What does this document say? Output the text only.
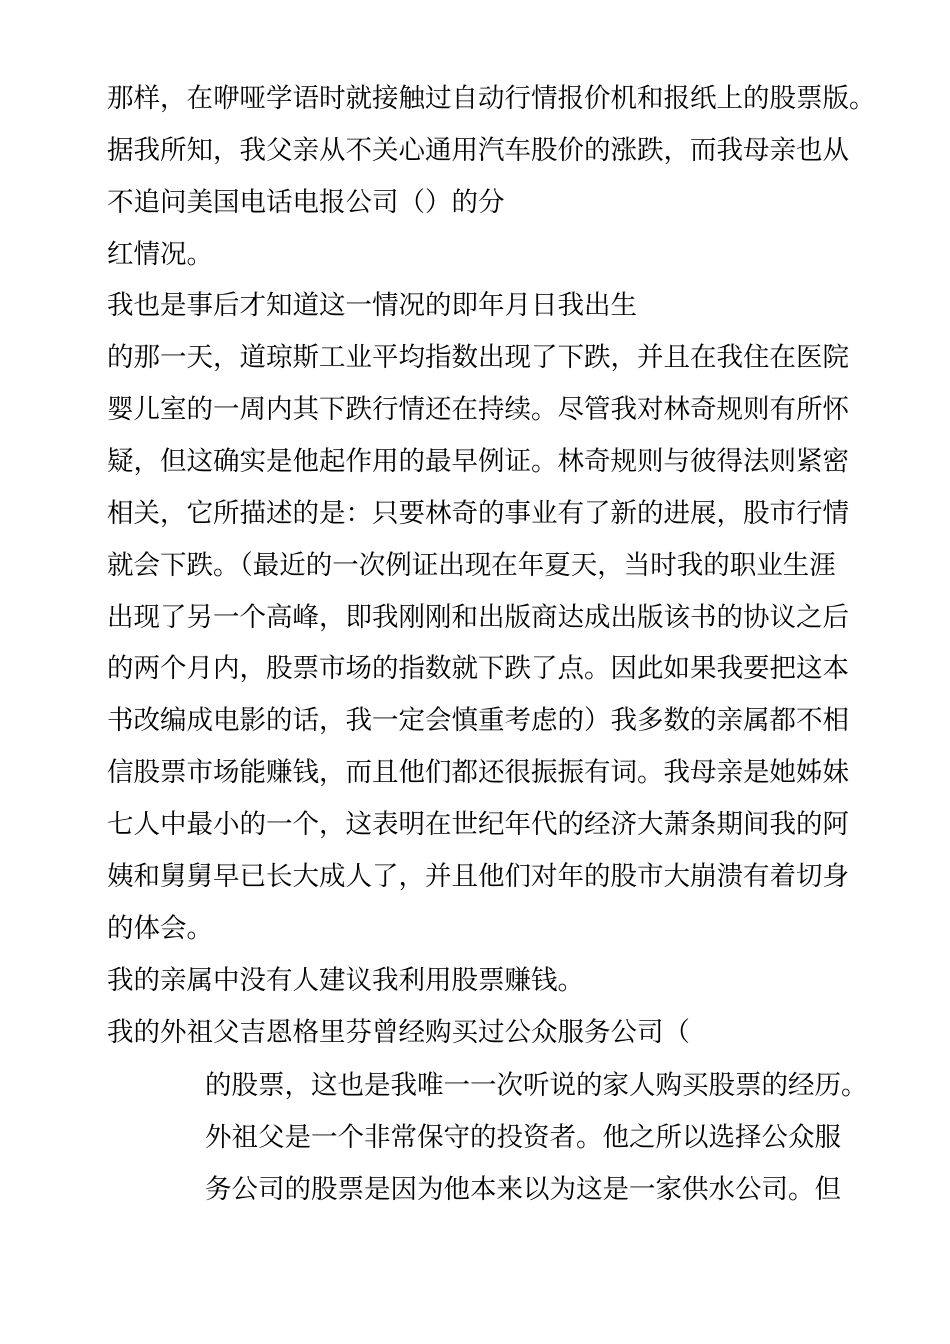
那样，在咿哑学语时就接触过自动行情报价机和报纸上的股票版。
据我所知，我父亲从不关心通用汽车股价的涨跌，而我母亲也从
不追问美国电话电报公司（）的分
红情况。
我也是事后才知道这一情况的即年月日我出生
的那一天，道琼斯工业平均指数出现了下跌，并且在我住在医院
婴儿室的一周内其下跌行情还在持续。尽管我对林奇规则有所怀
疑，但这确实是他起作用的最早例证。林奇规则与彼得法则紧密
相关，它所描述的是：只要林奇的事业有了新的进展，股市行情
就会下跌。（最近的一次例证出现在年夏天，当时我的职业生涯
出现了另一个高峰，即我刚刚和出版商达成出版该书的协议之后
的两个月内，股票市场的指数就下跌了点。因此如果我要把这本
书改编成电影的话，我一定会慎重考虑的）我多数的亲属都不相
信股票市场能赚钱，而且他们都还很振振有词。我母亲是她姊妹
七人中最小的一个，这表明在世纪年代的经济大萧条期间我的阿
姨和舅舅早已长大成人了，并且他们对年的股市大崩溃有着切身
的体会。
我的亲属中没有人建议我利用股票赚钱。
我的外祖父吉恩格里芬曾经购买过公众服务公司（
的股票，这也是我唯一一次听说的家人购买股票的经历。
外祖父是一个非常保守的投资者。他之所以选择公众服
务公司的股票是因为他本来以为这是一家供水公司。但
